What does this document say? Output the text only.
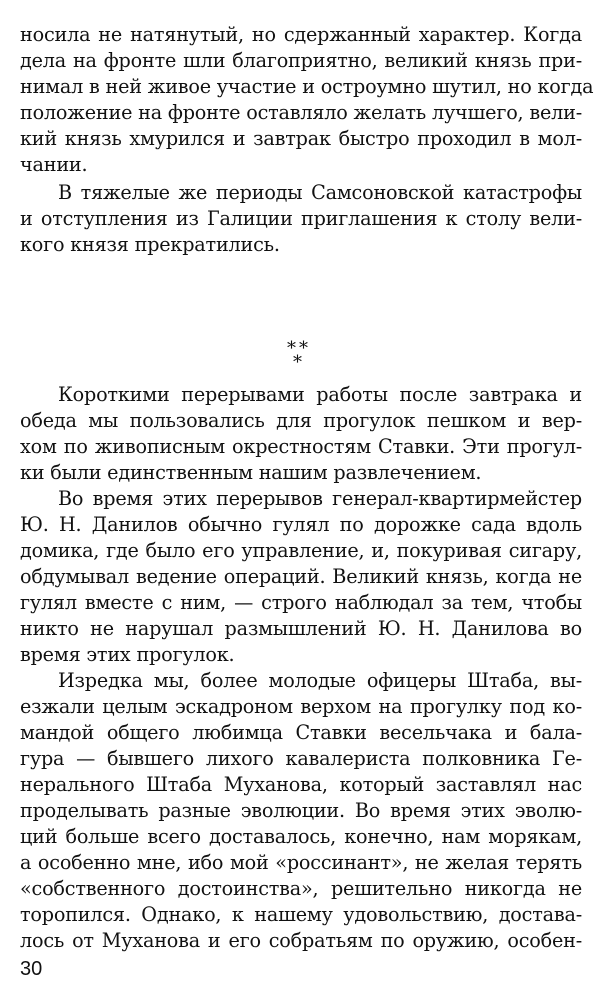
носила не натянутый, но сдержанный характер. Когда
дела на фронте шли благоприятно, великий князь при-
нимал в ней живое участие и остроумно шутил, но когда
положение на фронте оставляло желать лучшего, вели-
кий князь хмурился и завтрак быстро проходил в мол-
чании.

В тяжелые же периоды Самсоновской катастрофы
и отступления из Галиции приглашения к столу вели-
кого князя прекратились.

* *
*

Короткими перерывами работы после завтрака и
обеда мы пользовались для прогулок пешком и вер-
хом по живописным окрестностям Ставки. Эти прогул-
ки были единственным нашим развлечением.

Во время этих перерывов генерал-квартирмейстер
Ю. Н. Данилов обычно гулял по дорожке сада вдоль
домика, где было его управление, и, покуривая сигару,
обдумывал ведение операций. Великий князь, когда не
гулял вместе с ним, — строго наблюдал за тем, чтобы
никто не нарушал размышлений Ю. Н. Данилова во
время этих прогулок.

Изредка мы, более молодые офицеры Штаба, вы-
езжали целым эскадроном верхом на прогулку под ко-
мандой общего любимца Ставки весельчака и бала-
гура — бывшего лихого кавалериста полковника Ге-
нерального Штаба Муханова, который заставлял нас
проделывать разные эволюции. Во время этих эволю-
ций больше всего доставалось, конечно, нам морякам,
а особенно мне, ибо мой «россинант», не желая терять
«собственного достоинства», решительно никогда не
торопился. Однако, к нашему удовольствию, достава-
лось от Муханова и его собратьям по оружию, особен-

30
